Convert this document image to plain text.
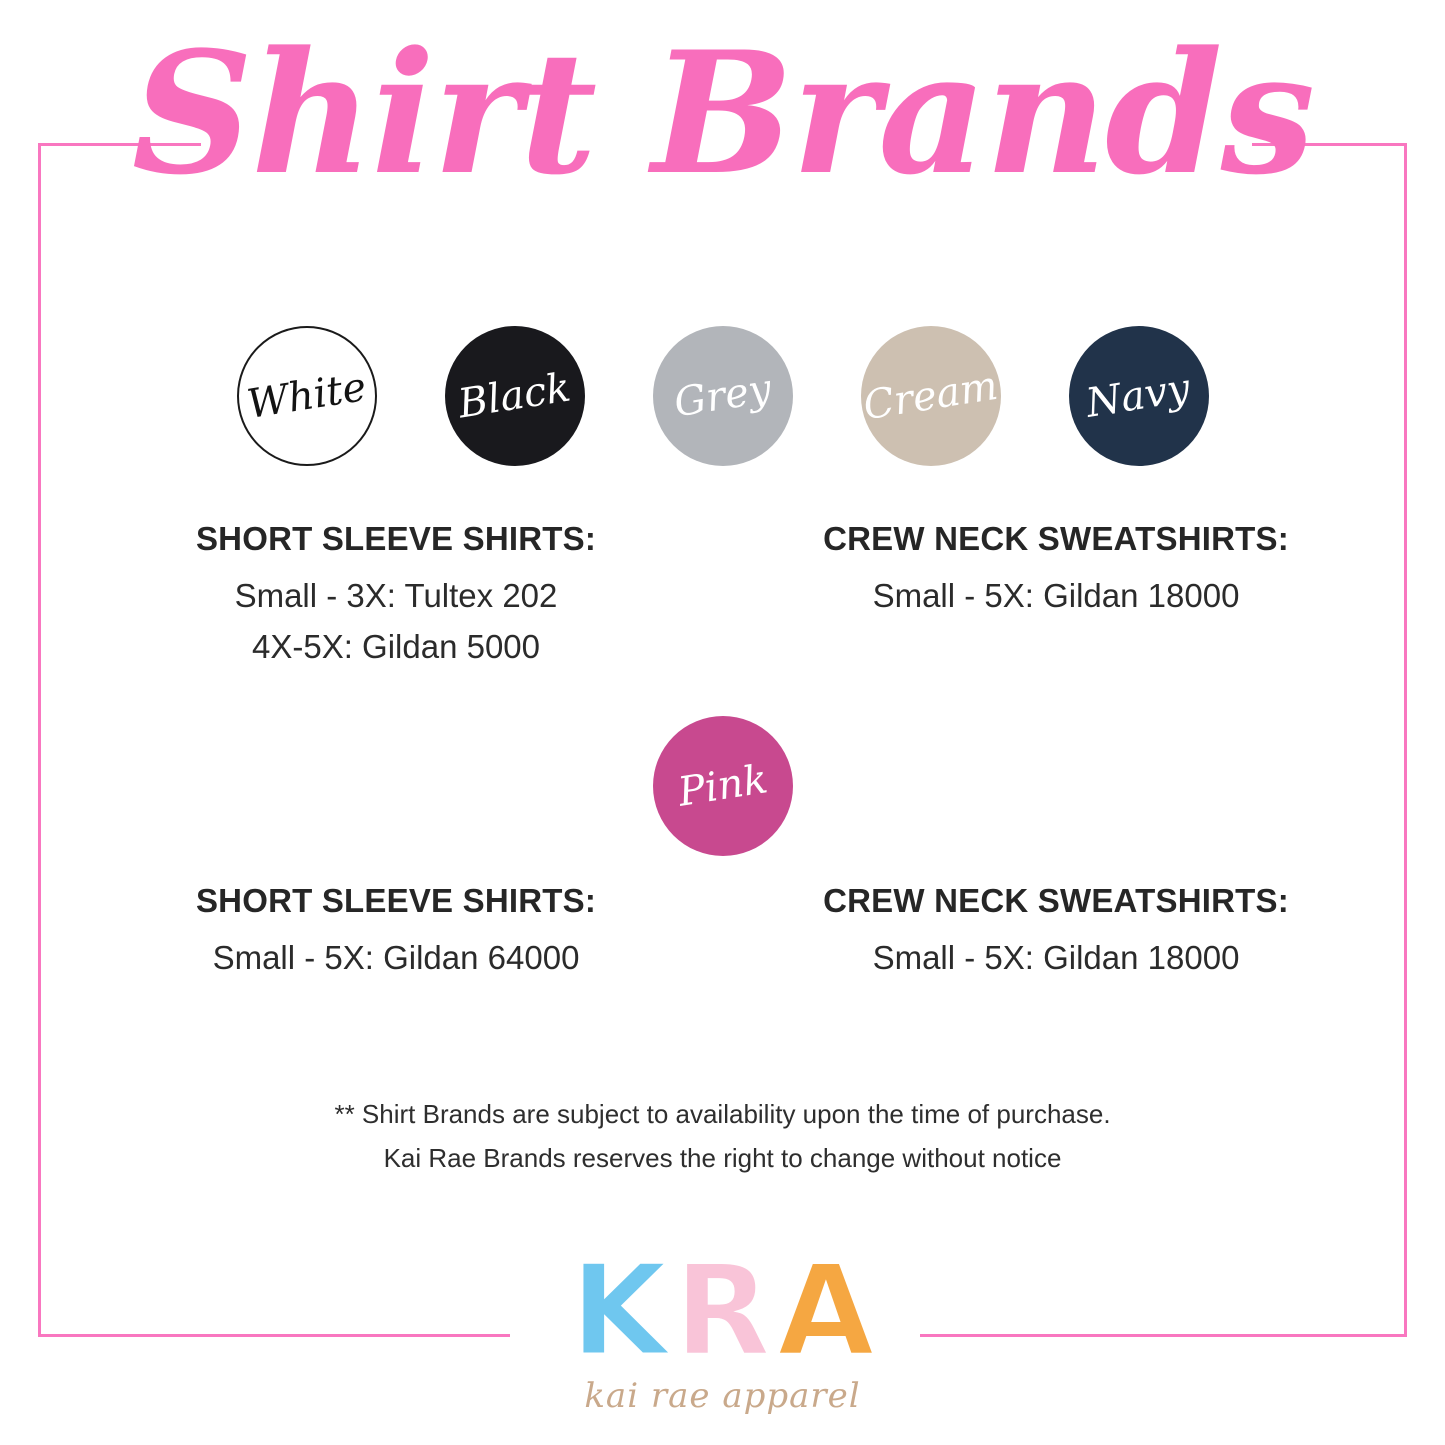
Shirt Brands
White Black Grey Cream Navy
SHORT SLEEVE SHIRTS:
Small - 3X: Tultex 202
4X-5X: Gildan 5000
CREW NECK SWEATSHIRTS:
Small - 5X: Gildan 18000
Pink
SHORT SLEEVE SHIRTS:
Small - 5X: Gildan 64000
CREW NECK SWEATSHIRTS:
Small - 5X: Gildan 18000
** Shirt Brands are subject to availability upon the time of purchase.
Kai Rae Brands reserves the right to change without notice
K R A
kai rae apparel
